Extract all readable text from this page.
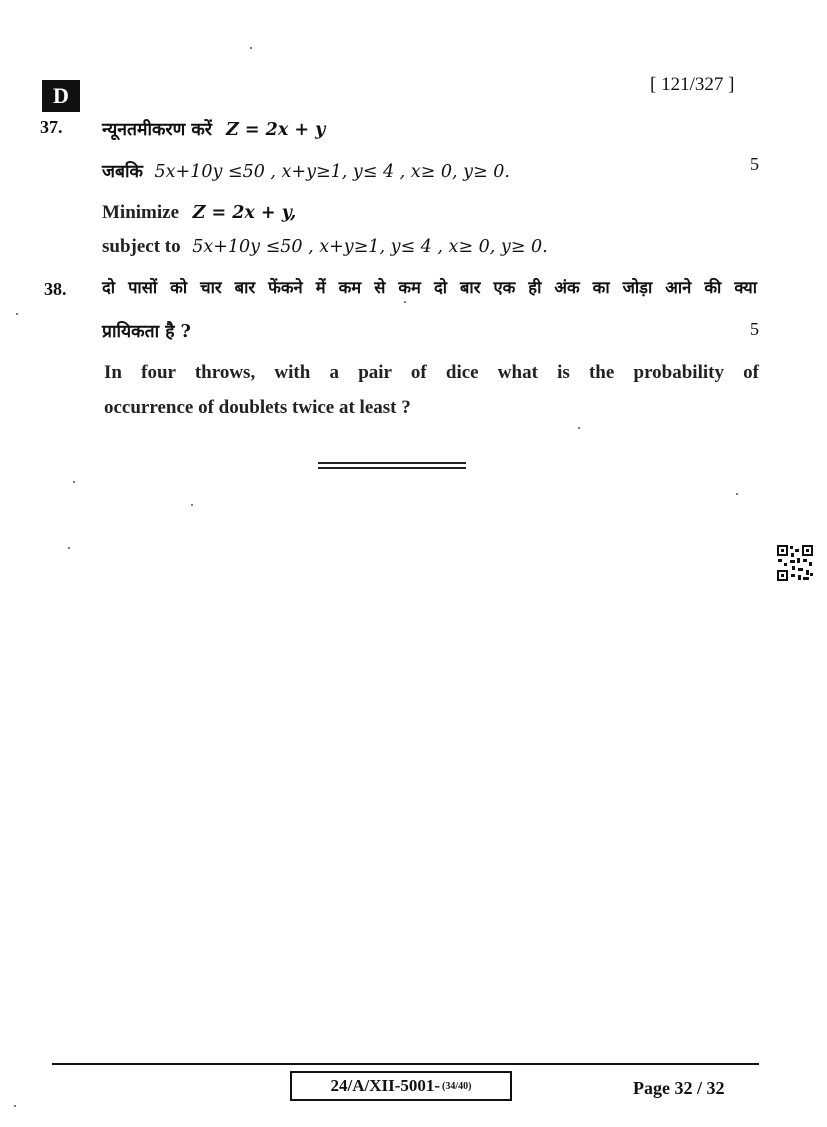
D	[ 121/327 ]
37. न्यूनतमीकरण करें Z = 2x + y
जबकि 5x+10y ≤50 , x+y≥1, y≤ 4 , x≥ 0, y≥ 0.	5
Minimize Z = 2x + y,
subject to 5x+10y ≤50 , x+y≥1, y≤ 4 , x≥ 0, y≥ 0.
38. दो पासों को चार बार फेंकने में कम से कम दो बार एक ही अंक का जोड़ा आने की क्या
प्रायिकता है ?	5
In four throws, with a pair of dice what is the probability of
occurrence of doublets twice at least ?
24/A/XII-5001- (34/40)	Page 32 / 32
